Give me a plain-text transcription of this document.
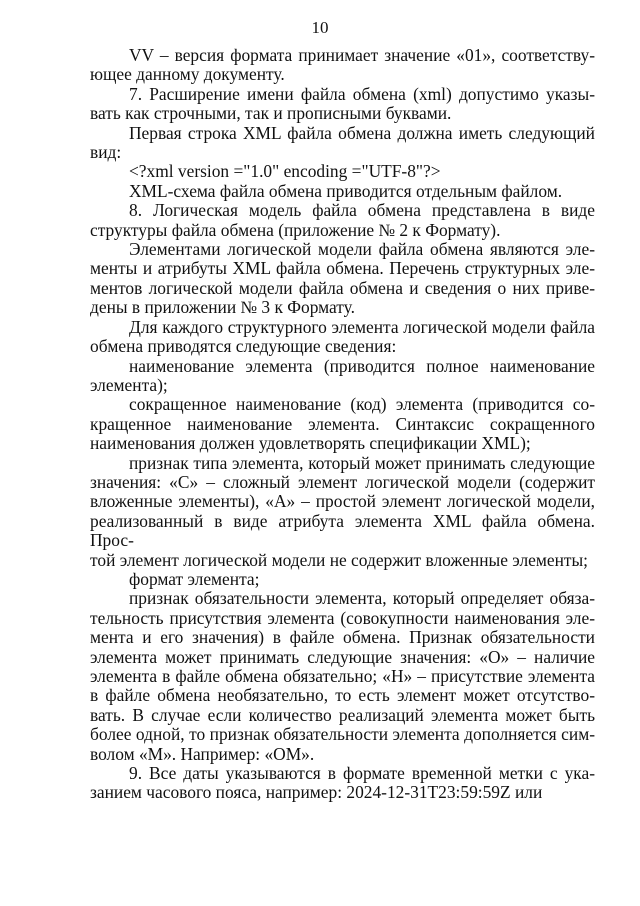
10
VV – версия формата принимает значение «01», соответству-
ющее данному документу.
7. Расширение имени файла обмена (xml) допустимо указы-
вать как строчными, так и прописными буквами.
Первая строка XML файла обмена должна иметь следующий
вид:
<?xml version ="1.0" encoding ="UTF-8"?>
XML-схема файла обмена приводится отдельным файлом.
8. Логическая модель файла обмена представлена в виде
структуры файла обмена (приложение № 2 к Формату).
Элементами логической модели файла обмена являются эле-
менты и атрибуты XML файла обмена. Перечень структурных эле-
ментов логической модели файла обмена и сведения о них приве-
дены в приложении № 3 к Формату.
Для каждого структурного элемента логической модели файла
обмена приводятся следующие сведения:
наименование элемента (приводится полное наименование
элемента);
сокращенное наименование (код) элемента (приводится со-
кращенное наименование элемента. Синтаксис сокращенного
наименования должен удовлетворять спецификации XML);
признак типа элемента, который может принимать следующие
значения: «С» – сложный элемент логической модели (содержит
вложенные элементы), «А» – простой элемент логической модели,
реализованный в виде атрибута элемента XML файла обмена. Прос-
той элемент логической модели не содержит вложенные элементы;
формат элемента;
признак обязательности элемента, который определяет обяза-
тельность присутствия элемента (совокупности наименования эле-
мента и его значения) в файле обмена. Признак обязательности
элемента может принимать следующие значения: «О» – наличие
элемента в файле обмена обязательно; «Н» – присутствие элемента
в файле обмена необязательно, то есть элемент может отсутство-
вать. В случае если количество реализаций элемента может быть
более одной, то признак обязательности элемента дополняется сим-
волом «М». Например: «ОМ».
9. Все даты указываются в формате временной метки с ука-
занием часового пояса, например: 2024-12-31T23:59:59Z или
